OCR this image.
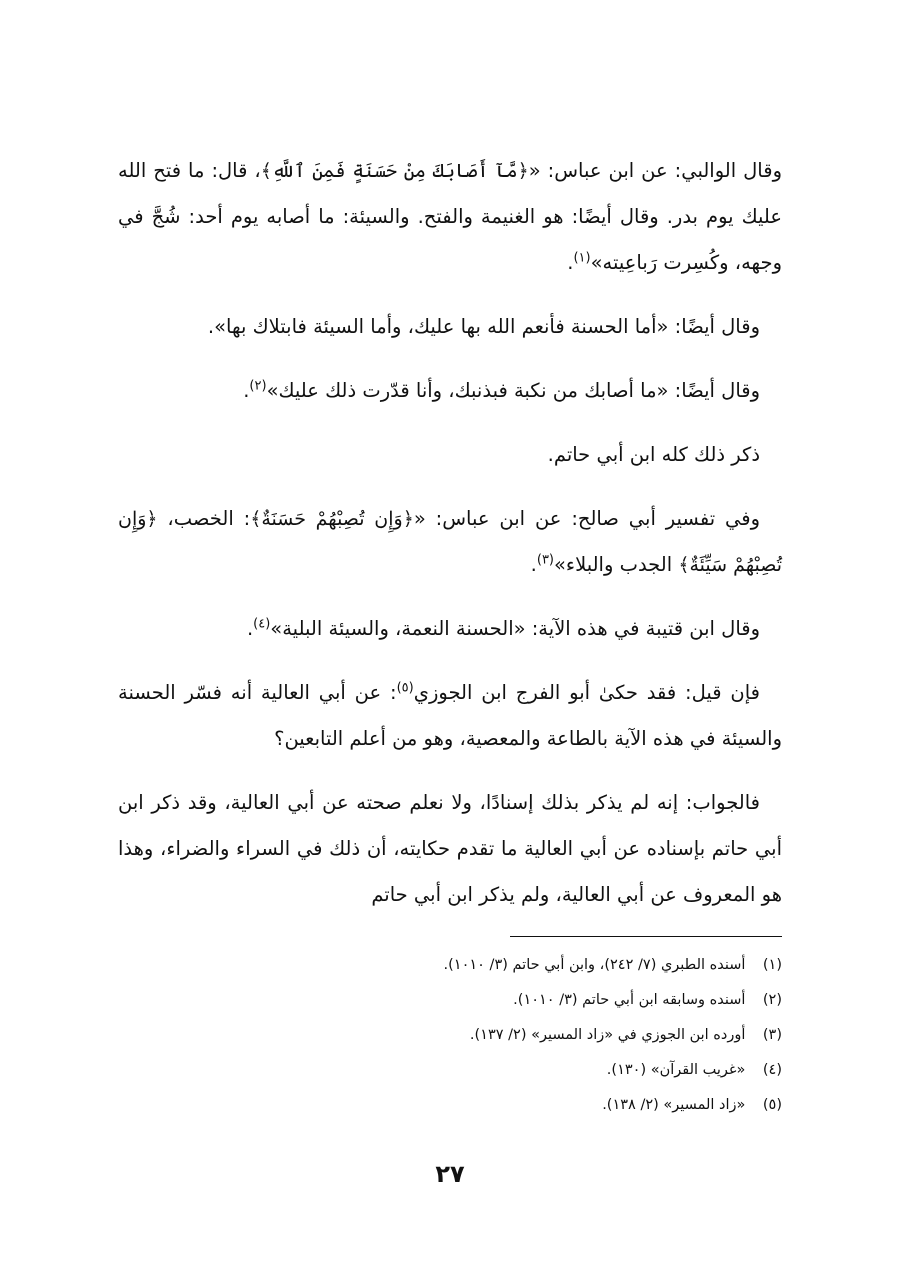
وقال الوالبي: عن ابن عباس: «﴿مَّآ أَصَابَكَ مِنْ حَسَنَةٍ فَمِنَ ٱللَّهِ﴾، قال: ما فتح الله عليك يوم بدر. وقال أيضًا: هو الغنيمة والفتح. والسيئة: ما أصابه يوم أحد: شُجَّ في وجهه، وكُسِرت رَباعِيته»$^{(١)}$.

وقال أيضًا: «أما الحسنة فأنعم الله بها عليك، وأما السيئة فابتلاك بها».

وقال أيضًا: «ما أصابك من نكبة فبذنبك، وأنا قدّرت ذلك عليك»$^{(٢)}$.

ذكر ذلك كله ابن أبي حاتم.

وفي تفسير أبي صالح: عن ابن عباس: «﴿وَإِن تُصِبْهُمْ حَسَنَةٌ﴾: الخصب، ﴿وَإِن تُصِبْهُمْ سَيِّئَةٌ﴾ الجدب والبلاء»$^{(٣)}$.

وقال ابن قتيبة في هذه الآية: «الحسنة النعمة، والسيئة البلية»$^{(٤)}$.

فإن قيل: فقد حكىٰ أبو الفرج ابن الجوزي$^{(٥)}$: عن أبي العالية أنه فسّر الحسنة والسيئة في هذه الآية بالطاعة والمعصية، وهو من أعلم التابعين؟

فالجواب: إنه لم يذكر بذلك إسنادًا، ولا نعلم صحته عن أبي العالية، وقد ذكر ابن أبي حاتم بإسناده عن أبي العالية ما تقدم حكايته، أن ذلك في السراء والضراء، وهذا هو المعروف عن أبي العالية، ولم يذكر ابن أبي حاتم

(١) أسنده الطبري (٧/ ٢٤٢)، وابن أبي حاتم (٣/ ١٠١٠).
(٢) أسنده وسابقه ابن أبي حاتم (٣/ ١٠١٠).
(٣) أورده ابن الجوزي في «زاد المسير» (٢/ ١٣٧).
(٤) «غريب القرآن» (١٣٠).
(٥) «زاد المسير» (٢/ ١٣٨).
٢٧
